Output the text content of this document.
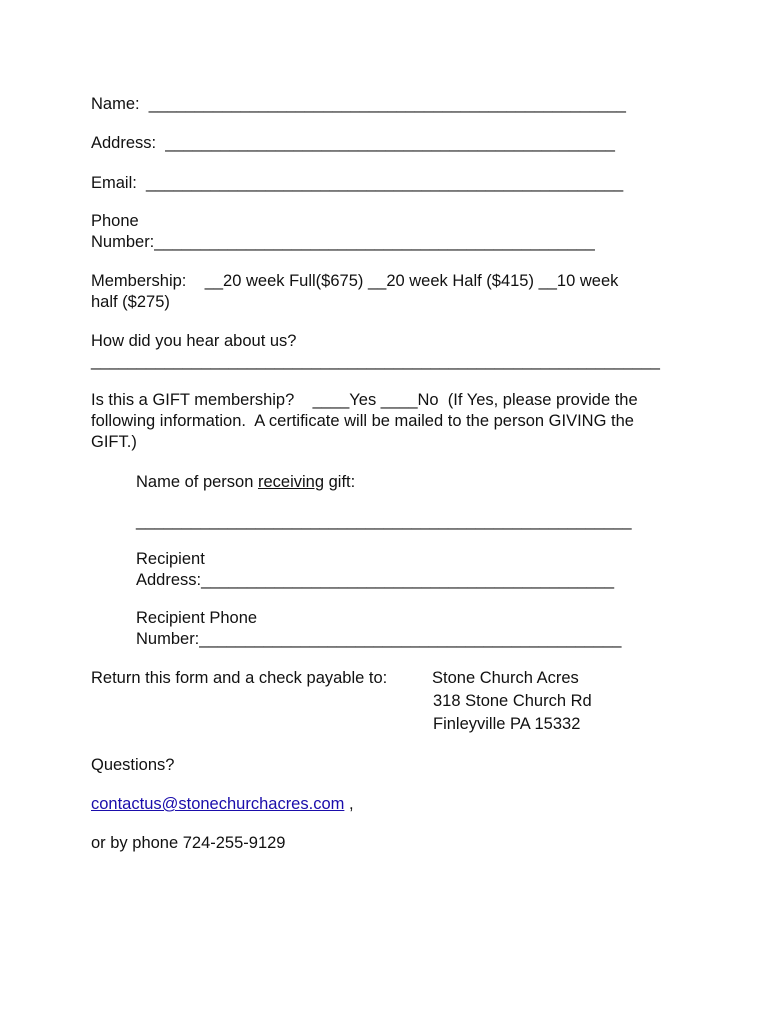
Name:  ____________________________________________________
Address:  _________________________________________________
Email:  ____________________________________________________
Phone
Number:________________________________________________
Membership:    __20 week Full($675) __20 week Half ($415) __10 week
half ($275)
How did you hear about us?
______________________________________________________________
Is this a GIFT membership?    ____Yes ____No  (If Yes, please provide the
following information.  A certificate will be mailed to the person GIVING the
GIFT.)
Name of person receiving gift:
______________________________________________________
Recipient
Address:_____________________________________________
Recipient Phone
Number:______________________________________________
Return this form and a check payable to:	Stone Church Acres
318 Stone Church Rd
Finleyville PA 15332
Questions?
contactus@stonechurchacres.com ,
or by phone 724-255-9129
